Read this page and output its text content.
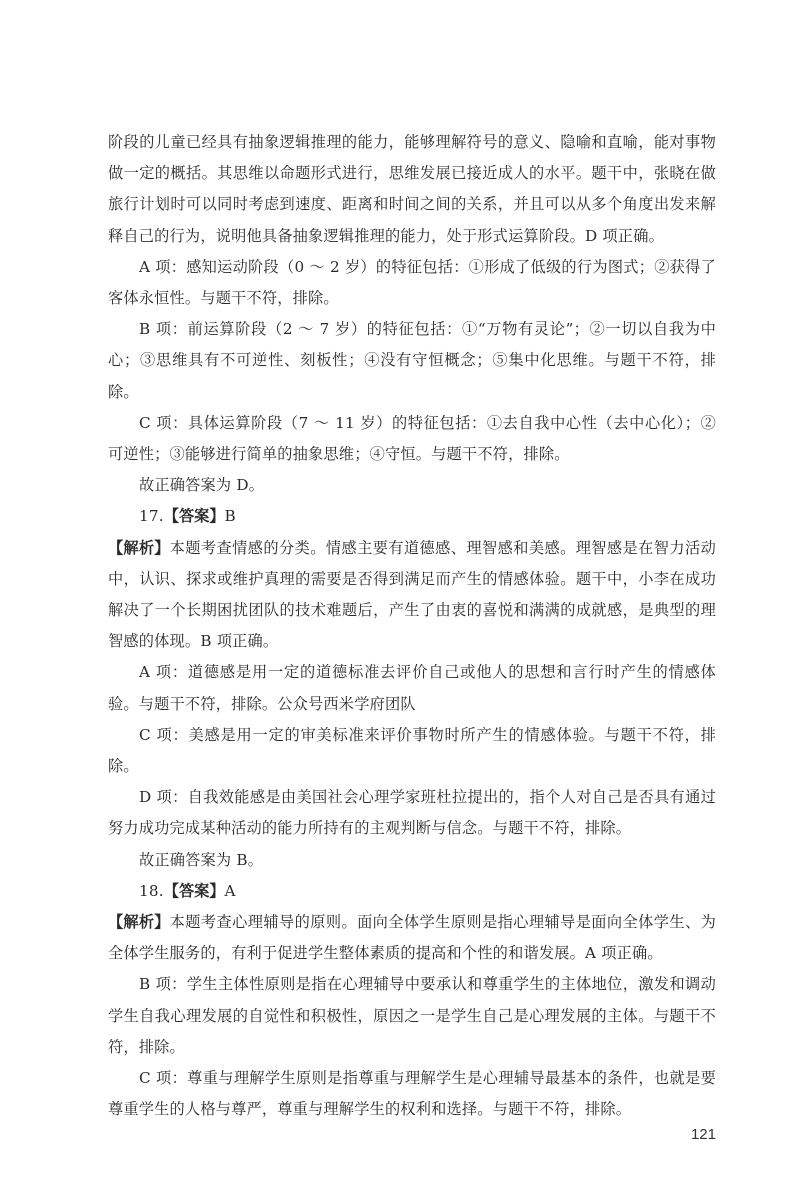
阶段的儿童已经具有抽象逻辑推理的能力，能够理解符号的意义、隐喻和直喻，能对事物做一定的概括。其思维以命题形式进行，思维发展已接近成人的水平。题干中，张晓在做旅行计划时可以同时考虑到速度、距离和时间之间的关系，并且可以从多个角度出发来解释自己的行为，说明他具备抽象逻辑推理的能力，处于形式运算阶段。D 项正确。

A 项：感知运动阶段（0 ～ 2 岁）的特征包括：①形成了低级的行为图式；②获得了客体永恒性。与题干不符，排除。

B 项：前运算阶段（2 ～ 7 岁）的特征包括：①“万物有灵论”；②一切以自我为中心；③思维具有不可逆性、刻板性；④没有守恒概念；⑤集中化思维。与题干不符，排除。

C 项：具体运算阶段（7 ～ 11 岁）的特征包括：①去自我中心性（去中心化）；②可逆性；③能够进行简单的抽象思维；④守恒。与题干不符，排除。

故正确答案为 D。

17.【答案】B

【解析】本题考查情感的分类。情感主要有道德感、理智感和美感。理智感是在智力活动中，认识、探求或维护真理的需要是否得到满足而产生的情感体验。题干中，小李在成功解决了一个长期困扰团队的技术难题后，产生了由衷的喜悦和满满的成就感，是典型的理智感的体现。B 项正确。

A 项：道德感是用一定的道德标准去评价自己或他人的思想和言行时产生的情感体验。与题干不符，排除。公众号西米学府团队

C 项：美感是用一定的审美标准来评价事物时所产生的情感体验。与题干不符，排除。

D 项：自我效能感是由美国社会心理学家班杜拉提出的，指个人对自己是否具有通过努力成功完成某种活动的能力所持有的主观判断与信念。与题干不符，排除。

故正确答案为 B。

18.【答案】A

【解析】本题考查心理辅导的原则。面向全体学生原则是指心理辅导是面向全体学生、为全体学生服务的，有利于促进学生整体素质的提高和个性的和谐发展。A 项正确。

B 项：学生主体性原则是指在心理辅导中要承认和尊重学生的主体地位，激发和调动学生自我心理发展的自觉性和积极性，原因之一是学生自己是心理发展的主体。与题干不符，排除。

C 项：尊重与理解学生原则是指尊重与理解学生是心理辅导最基本的条件，也就是要尊重学生的人格与尊严，尊重与理解学生的权利和选择。与题干不符，排除。

121
